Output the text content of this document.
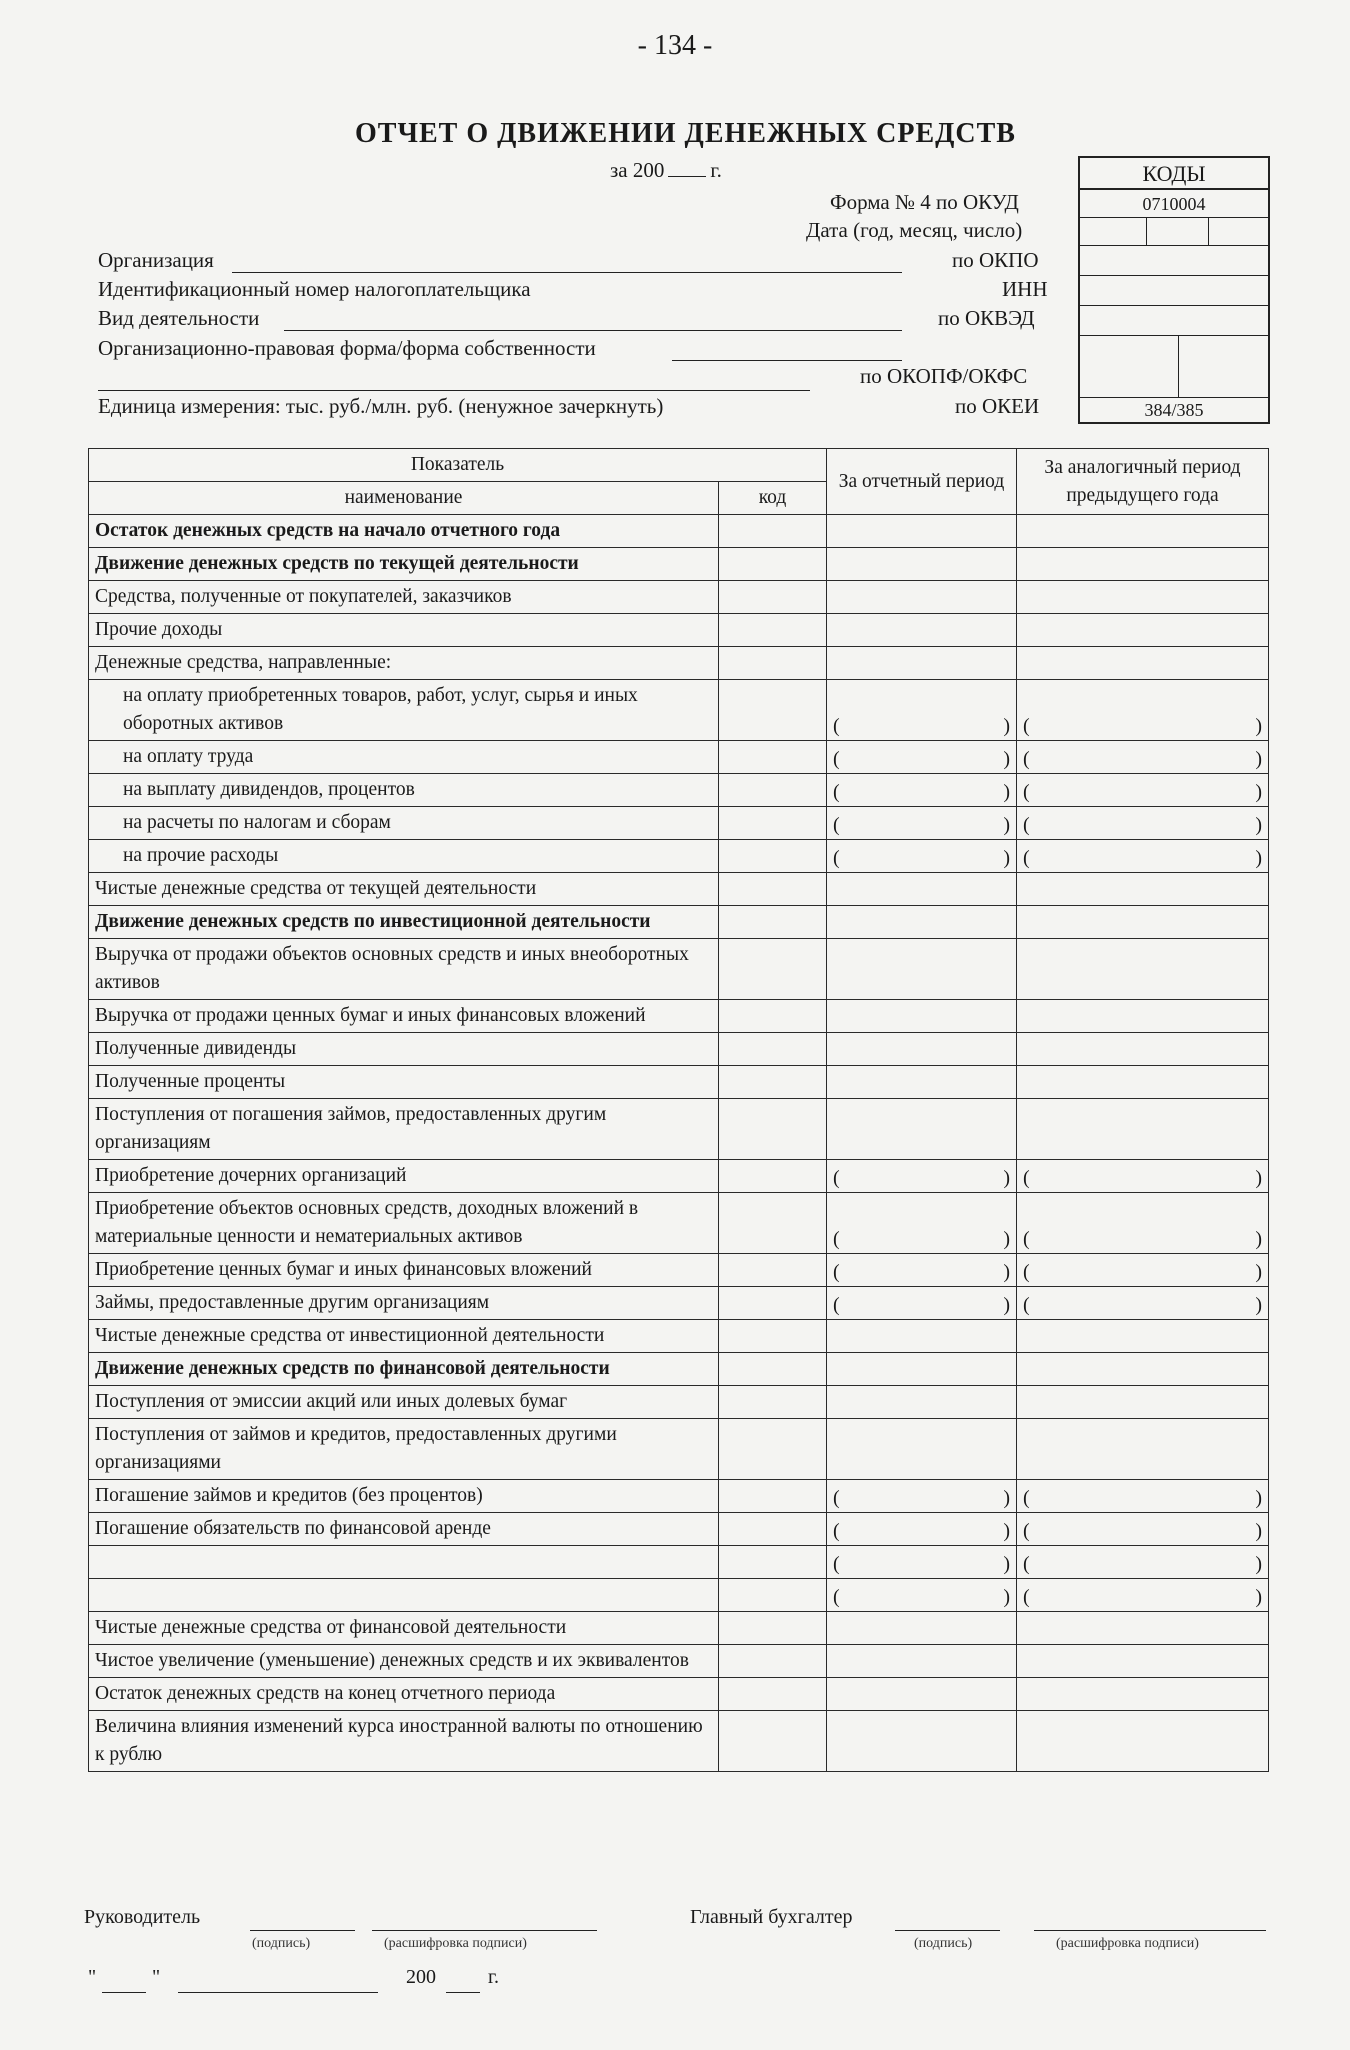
- 134 -
ОТЧЕТ О ДВИЖЕНИИ ДЕНЕЖНЫХ СРЕДСТВ
за 200 г.
Форма № 4 по ОКУД
Дата (год, месяц, число)
Организация	по ОКПО
Идентификационный номер налогоплательщика	ИНН
Вид деятельности	по ОКВЭД
Организационно-правовая форма/форма собственности
по ОКОПФ/ОКФС
Единица измерения: тыс. руб./млн. руб. (ненужное зачеркнуть)	по ОКЕИ
КОДЫ
0710004
384/385
Показатель		За отчетный период	За аналогичный период предыдущего года
наименование	код		
Остаток денежных средств на начало отчетного года			
Движение денежных средств по текущей деятельности			
Средства, полученные от покупателей, заказчиков			
Прочие доходы			
Денежные средства, направленные:			
на оплату приобретенных товаров, работ, услуг, сырья и иных оборотных активов		( )	( )

на оплату труда		( )	( )

на выплату дивидендов, процентов		( )	( )

на расчеты по налогам и сборам		( )	( )

на прочие расходы		( )	( )

Чистые денежные средства от текущей деятельности			
Движение денежных средств по инвестиционной деятельности			
Выручка от продажи объектов основных средств и иных внеоборотных активов			
Выручка от продажи ценных бумаг и иных финансовых вложений			
Полученные дивиденды			
Полученные проценты			
Поступления от погашения займов, предоставленных другим организациям			
Приобретение дочерних организаций		( )	( )

Приобретение объектов основных средств, доходных вложений в материальные ценности и нематериальных активов		( )	( )

Приобретение ценных бумаг и иных финансовых вложений		( )	( )

Займы, предоставленные другим организациям		( )	( )

Чистые денежные средства от инвестиционной деятельности			
Движение денежных средств по финансовой деятельности			
Поступления от эмиссии акций или иных долевых бумаг			
Поступления от займов и кредитов, предоставленных другими организациями			
Погашение займов и кредитов (без процентов)		( )	( )

Погашение обязательств по финансовой аренде		( )	( )

		( )	( )

		( )	( )

Чистые денежные средства от финансовой деятельности			
Чистое увеличение (уменьшение) денежных средств и их эквивалентов			
Остаток денежных средств на конец отчетного периода			
Величина влияния изменений курса иностранной валюты по отношению к рублю			
Руководитель
(подпись)	(расшифровка подписи)
Главный бухгалтер
(подпись)	(расшифровка подписи)
"	"	200	г.
